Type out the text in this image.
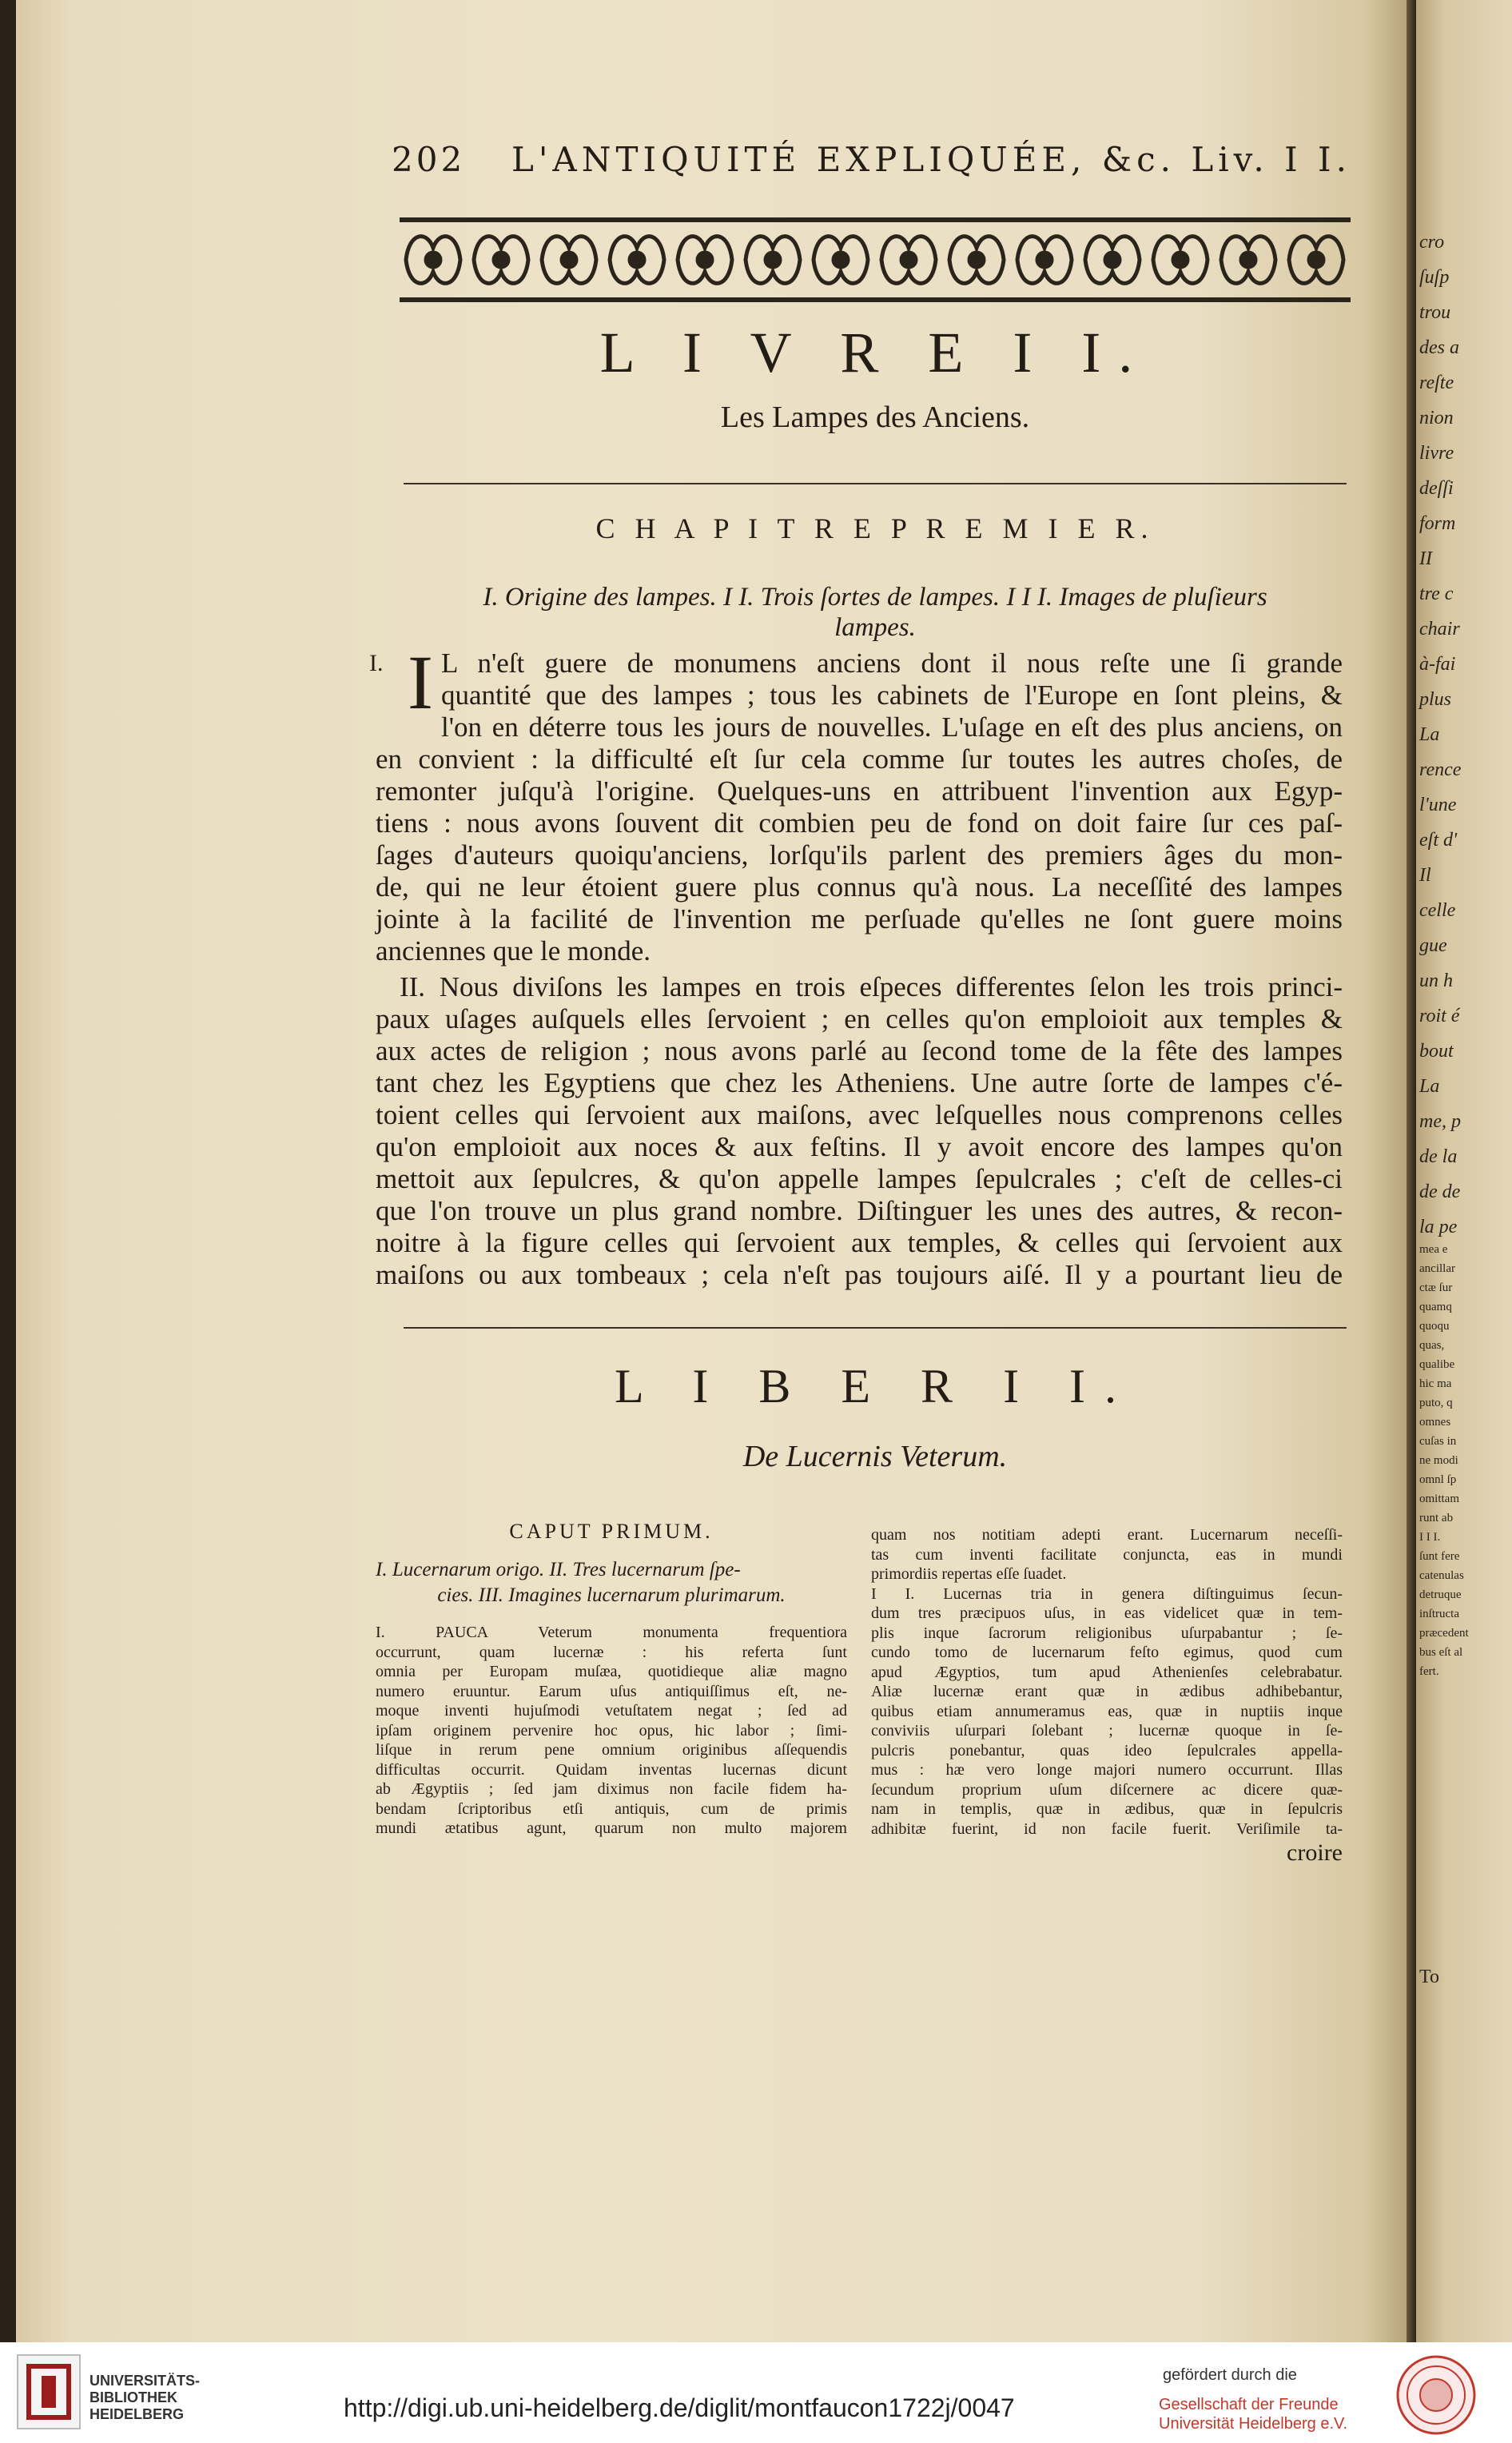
202 L'ANTIQUITÉ EXPLIQUÉE, &c. Liv. I I.
L I V R E I I.
Les Lampes des Anciens.
C H A P I T R E P R E M I E R.
I. Origine des lampes. I I. Trois ſortes de lampes. I I I. Images de pluſieurs
lampes.
I. I L n'eſt guere de monumens anciens dont il nous reſte une ſi grande
quantité que des lampes ; tous les cabinets de l'Europe en ſont pleins, &
l'on en déterre tous les jours de nouvelles. L'uſage en eſt des plus anciens, on
en convient : la difficulté eſt ſur cela comme ſur toutes les autres choſes, de
remonter juſqu'à l'origine. Quelques-uns en attribuent l'invention aux Egyp-
tiens : nous avons ſouvent dit combien peu de fond on doit faire ſur ces paſ-
ſages d'auteurs quoiqu'anciens, lorſqu'ils parlent des premiers âges du mon-
de, qui ne leur étoient guere plus connus qu'à nous. La neceſſité des lampes
jointe à la facilité de l'invention me perſuade qu'elles ne ſont guere moins
anciennes que le monde.
II. Nous diviſons les lampes en trois eſpeces differentes ſelon les trois princi-
paux uſages auſquels elles ſervoient ; en celles qu'on emploioit aux temples &
aux actes de religion ; nous avons parlé au ſecond tome de la fête des lampes
tant chez les Egyptiens que chez les Atheniens. Une autre ſorte de lampes c'é-
toient celles qui ſervoient aux maiſons, avec leſquelles nous comprenons celles
qu'on emploioit aux noces & aux feſtins. Il y avoit encore des lampes qu'on
mettoit aux ſepulcres, & qu'on appelle lampes ſepulcrales ; c'eſt de celles-ci
que l'on trouve un plus grand nombre. Diſtinguer les unes des autres, & recon-
noitre à la figure celles qui ſervoient aux temples, & celles qui ſervoient aux
maiſons ou aux tombeaux ; cela n'eſt pas toujours aiſé. Il y a pourtant lieu de
L I B E R I I.
De Lucernis Veterum.
CAPUT PRIMUM.
I. Lucernarum origo. II. Tres lucernarum ſpe-
cies. III. Imagines lucernarum plurimarum.
I. PAUCA Veterum monumenta frequentiora
occurrunt, quam lucernæ : his referta ſunt
omnia per Europam muſæa, quotidieque aliæ magno
numero eruuntur. Earum uſus antiquiſſimus eſt, ne-
moque inventi hujuſmodi vetuſtatem negat ; ſed ad
ipſam originem pervenire hoc opus, hic labor ; ſimi-
liſque in rerum pene omnium originibus aſſequendis
difficultas occurrit. Quidam inventas lucernas dicunt
ab Ægyptiis ; ſed jam diximus non facile fidem ha-
bendam ſcriptoribus etſi antiquis, cum de primis
mundi ætatibus agunt, quarum non multo majorem
quam nos notitiam adepti erant. Lucernarum neceſſi-
tas cum inventi facilitate conjuncta, eas in mundi
primordiis repertas eſſe ſuadet.
I I. Lucernas tria in genera diſtinguimus ſecun-
dum tres præcipuos uſus, in eas videlicet quæ in tem-
plis inque ſacrorum religionibus uſurpabantur ; ſe-
cundo tomo de lucernarum feſto egimus, quod cum
apud Ægyptios, tum apud Athenienſes celebrabatur.
Aliæ lucernæ erant quæ in ædibus adhibebantur,
quibus etiam annumeramus eas, quæ in nuptiis inque
conviviis uſurpari ſolebant ; lucernæ quoque in ſe-
pulcris ponebantur, quas ideo ſepulcrales appella-
mus : hæ vero longe majori numero occurrunt. Illas
ſecundum proprium uſum diſcernere ac dicere quæ-
nam in templis, quæ in ædibus, quæ in ſepulcris
adhibitæ fuerint, id non facile fuerit. Veriſimile ta-
croire
cro
ſuſp
trou
des a
reſte
nion
livre
deſſi
form
II
tre c
chair
à-fai
plus
La
rence
l'une
eſt d'
Il
celle
gue
un h
roit é
bout
La
me, p
de la
de de
la pe
mea e
ancillar
ctæ ſur
quamq
quoqu
quas,
qualibe
hic ma
puto, q
omnes
cuſas in
ne modi
omnl ſp
omittam
runt ab
I I I.
ſunt fere
catenulas
detruque
inſtructa
præcedent
bus eſt al
fert.
To
UNIVERSITÄTS-
BIBLIOTHEK
HEIDELBERG	http://digi.ub.uni-heidelberg.de/diglit/montfaucon1722j/0047
gefördert durch die
Gesellschaft der Freunde
Universität Heidelberg e.V.
